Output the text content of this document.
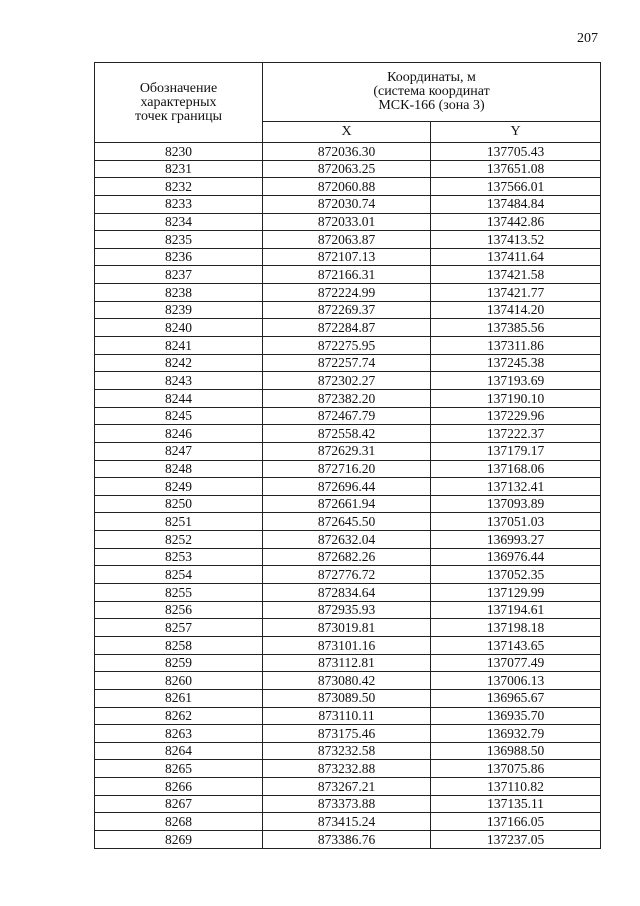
207
Обозначение
характерных
точек границы	Координаты, м
(система координат
МСК-166 (зона 3)	

	X	Y
8230	872036.30	137705.43
8231	872063.25	137651.08
8232	872060.88	137566.01
8233	872030.74	137484.84
8234	872033.01	137442.86
8235	872063.87	137413.52
8236	872107.13	137411.64
8237	872166.31	137421.58
8238	872224.99	137421.77
8239	872269.37	137414.20
8240	872284.87	137385.56
8241	872275.95	137311.86
8242	872257.74	137245.38
8243	872302.27	137193.69
8244	872382.20	137190.10
8245	872467.79	137229.96
8246	872558.42	137222.37
8247	872629.31	137179.17
8248	872716.20	137168.06
8249	872696.44	137132.41
8250	872661.94	137093.89
8251	872645.50	137051.03
8252	872632.04	136993.27
8253	872682.26	136976.44
8254	872776.72	137052.35
8255	872834.64	137129.99
8256	872935.93	137194.61
8257	873019.81	137198.18
8258	873101.16	137143.65
8259	873112.81	137077.49
8260	873080.42	137006.13
8261	873089.50	136965.67
8262	873110.11	136935.70
8263	873175.46	136932.79
8264	873232.58	136988.50
8265	873232.88	137075.86
8266	873267.21	137110.82
8267	873373.88	137135.11
8268	873415.24	137166.05
8269	873386.76	137237.05
